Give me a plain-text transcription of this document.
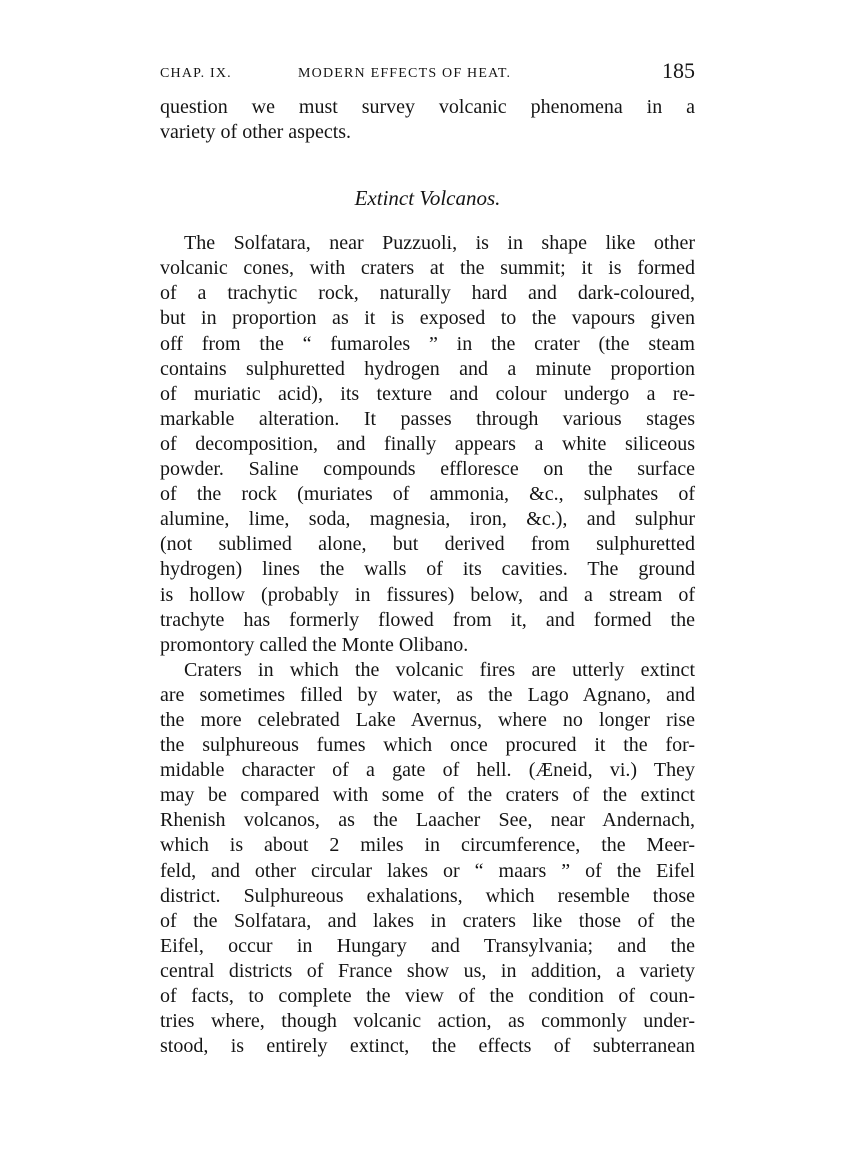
CHAP. IX.	MODERN EFFECTS OF HEAT.	185
question we must survey volcanic phenomena in a
variety of other aspects.
Extinct Volcanos.
The Solfatara, near Puzzuoli, is in shape like other
volcanic cones, with craters at the summit; it is formed
of a trachytic rock, naturally hard and dark-coloured,
but in proportion as it is exposed to the vapours given
off from the “ fumaroles ” in the crater (the steam
contains sulphuretted hydrogen and a minute proportion
of muriatic acid), its texture and colour undergo a re-
markable alteration. It passes through various stages
of decomposition, and finally appears a white siliceous
powder. Saline compounds effloresce on the surface
of the rock (muriates of ammonia, &c., sulphates of
alumine, lime, soda, magnesia, iron, &c.), and sulphur
(not sublimed alone, but derived from sulphuretted
hydrogen) lines the walls of its cavities. The ground
is hollow (probably in fissures) below, and a stream of
trachyte has formerly flowed from it, and formed the
promontory called the Monte Olibano.
Craters in which the volcanic fires are utterly extinct
are sometimes filled by water, as the Lago Agnano, and
the more celebrated Lake Avernus, where no longer rise
the sulphureous fumes which once procured it the for-
midable character of a gate of hell. (Æneid, vi.) They
may be compared with some of the craters of the extinct
Rhenish volcanos, as the Laacher See, near Andernach,
which is about 2 miles in circumference, the Meer-
feld, and other circular lakes or “ maars ” of the Eifel
district. Sulphureous exhalations, which resemble those
of the Solfatara, and lakes in craters like those of the
Eifel, occur in Hungary and Transylvania; and the
central districts of France show us, in addition, a variety
of facts, to complete the view of the condition of coun-
tries where, though volcanic action, as commonly under-
stood, is entirely extinct, the effects of subterranean
